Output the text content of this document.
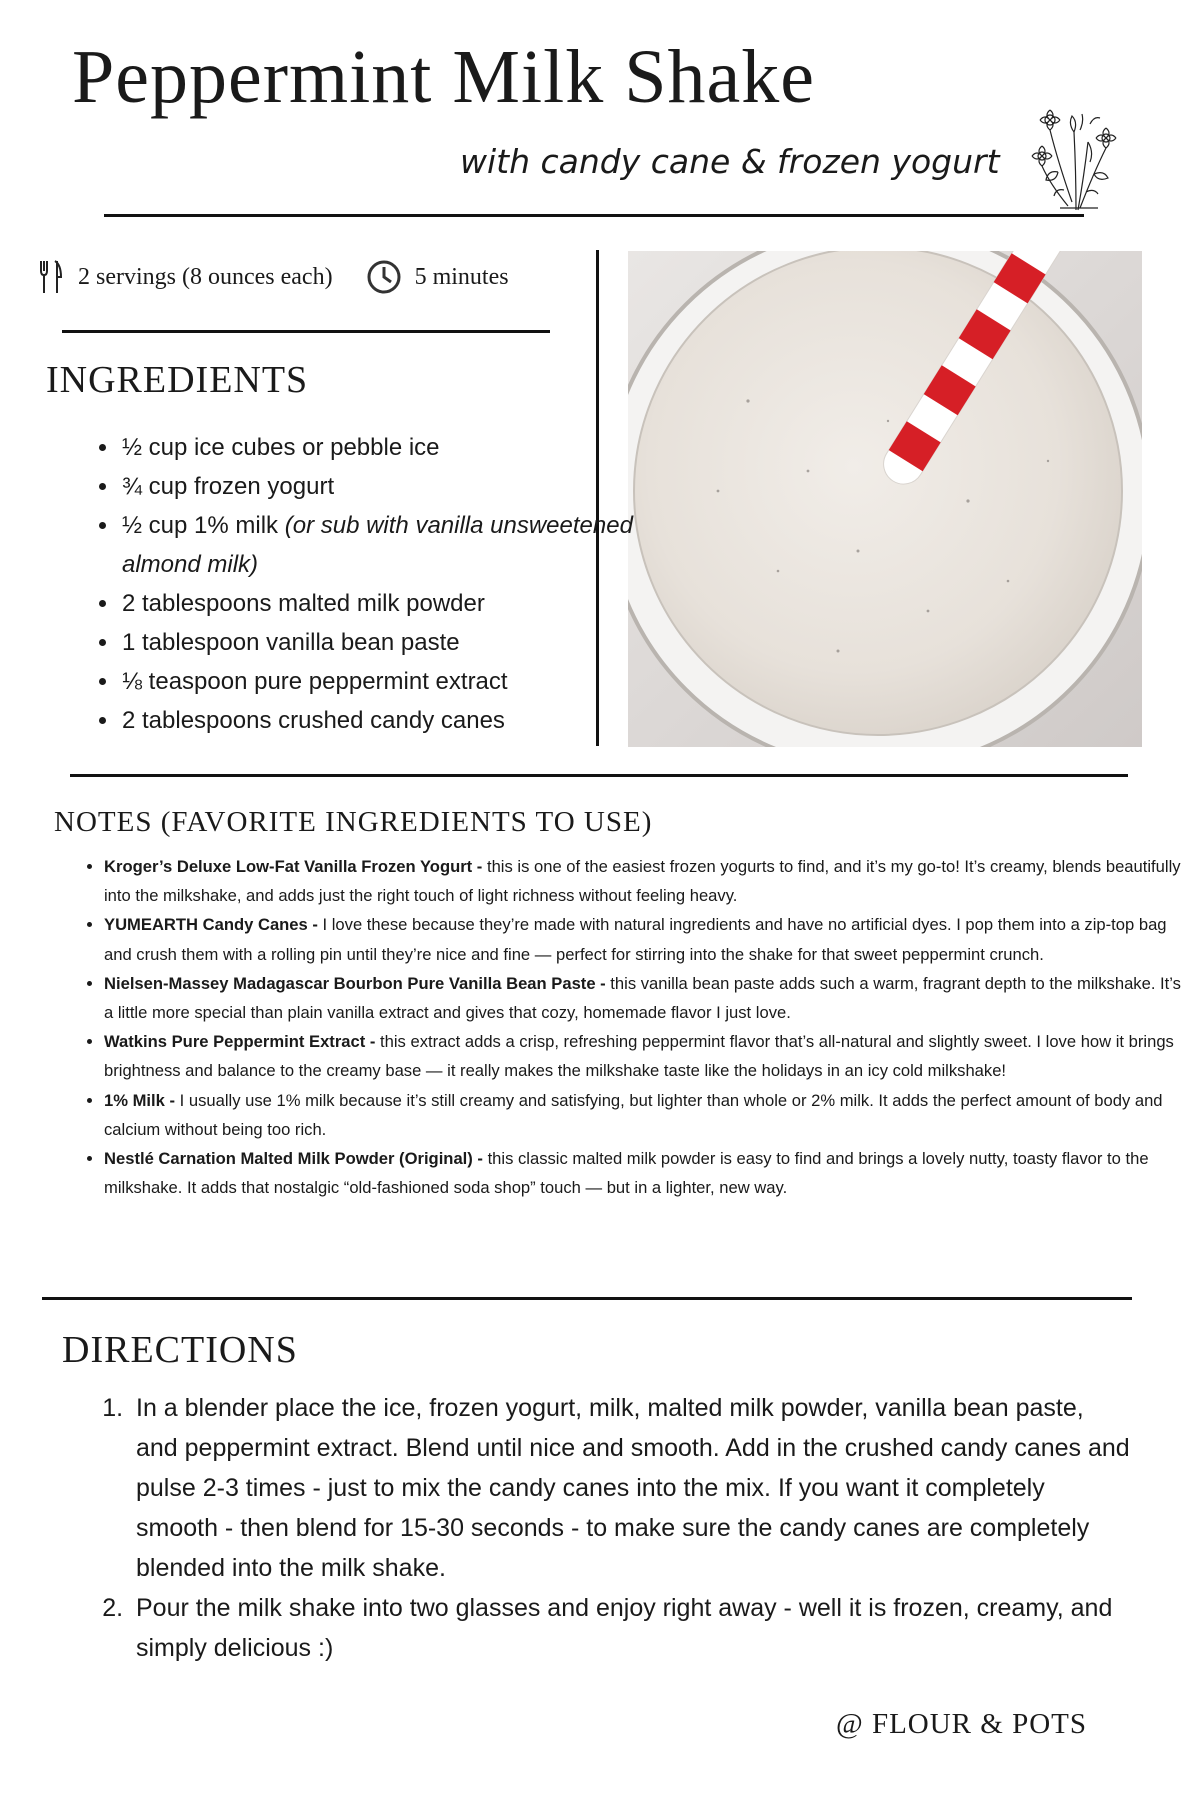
Peppermint Milk Shake
with candy cane & frozen yogurt
2 servings (8 ounces each)	5 minutes
INGREDIENTS
• ½ cup ice cubes or pebble ice
• ¾ cup frozen yogurt
• ½ cup 1% milk (or sub with vanilla unsweetened almond milk)
• 2 tablespoons malted milk powder
• 1 tablespoon vanilla bean paste
• ⅛ teaspoon pure peppermint extract
• 2 tablespoons crushed candy canes
NOTES (FAVORITE INGREDIENTS TO USE)
• Kroger’s Deluxe Low-Fat Vanilla Frozen Yogurt - this is one of the easiest frozen yogurts to find, and it’s my go-to! It’s creamy, blends beautifully into the milkshake, and adds just the right touch of light richness without feeling heavy.
• YUMEARTH Candy Canes - I love these because they’re made with natural ingredients and have no artificial dyes. I pop them into a zip-top bag and crush them with a rolling pin until they’re nice and fine — perfect for stirring into the shake for that sweet peppermint crunch.
• Nielsen-Massey Madagascar Bourbon Pure Vanilla Bean Paste - this vanilla bean paste adds such a warm, fragrant depth to the milkshake. It’s a little more special than plain vanilla extract and gives that cozy, homemade flavor I just love.
• Watkins Pure Peppermint Extract - this extract adds a crisp, refreshing peppermint flavor that’s all-natural and slightly sweet. I love how it brings brightness and balance to the creamy base — it really makes the milkshake taste like the holidays in an icy cold milkshake!
• 1% Milk - I usually use 1% milk because it’s still creamy and satisfying, but lighter than whole or 2% milk. It adds the perfect amount of body and calcium without being too rich.
• Nestlé Carnation Malted Milk Powder (Original) - this classic malted milk powder is easy to find and brings a lovely nutty, toasty flavor to the milkshake. It adds that nostalgic “old-fashioned soda shop” touch — but in a lighter, new way.
DIRECTIONS
1. In a blender place the ice, frozen yogurt, milk, malted milk powder, vanilla bean paste, and peppermint extract. Blend until nice and smooth. Add in the crushed candy canes and pulse 2-3 times - just to mix the candy canes into the mix. If you want it completely smooth - then blend for 15-30 seconds - to make sure the candy canes are completely blended into the milk shake.
2. Pour the milk shake into two glasses and enjoy right away - well it is frozen, creamy, and simply delicious :)
@ FLOUR & POTS
